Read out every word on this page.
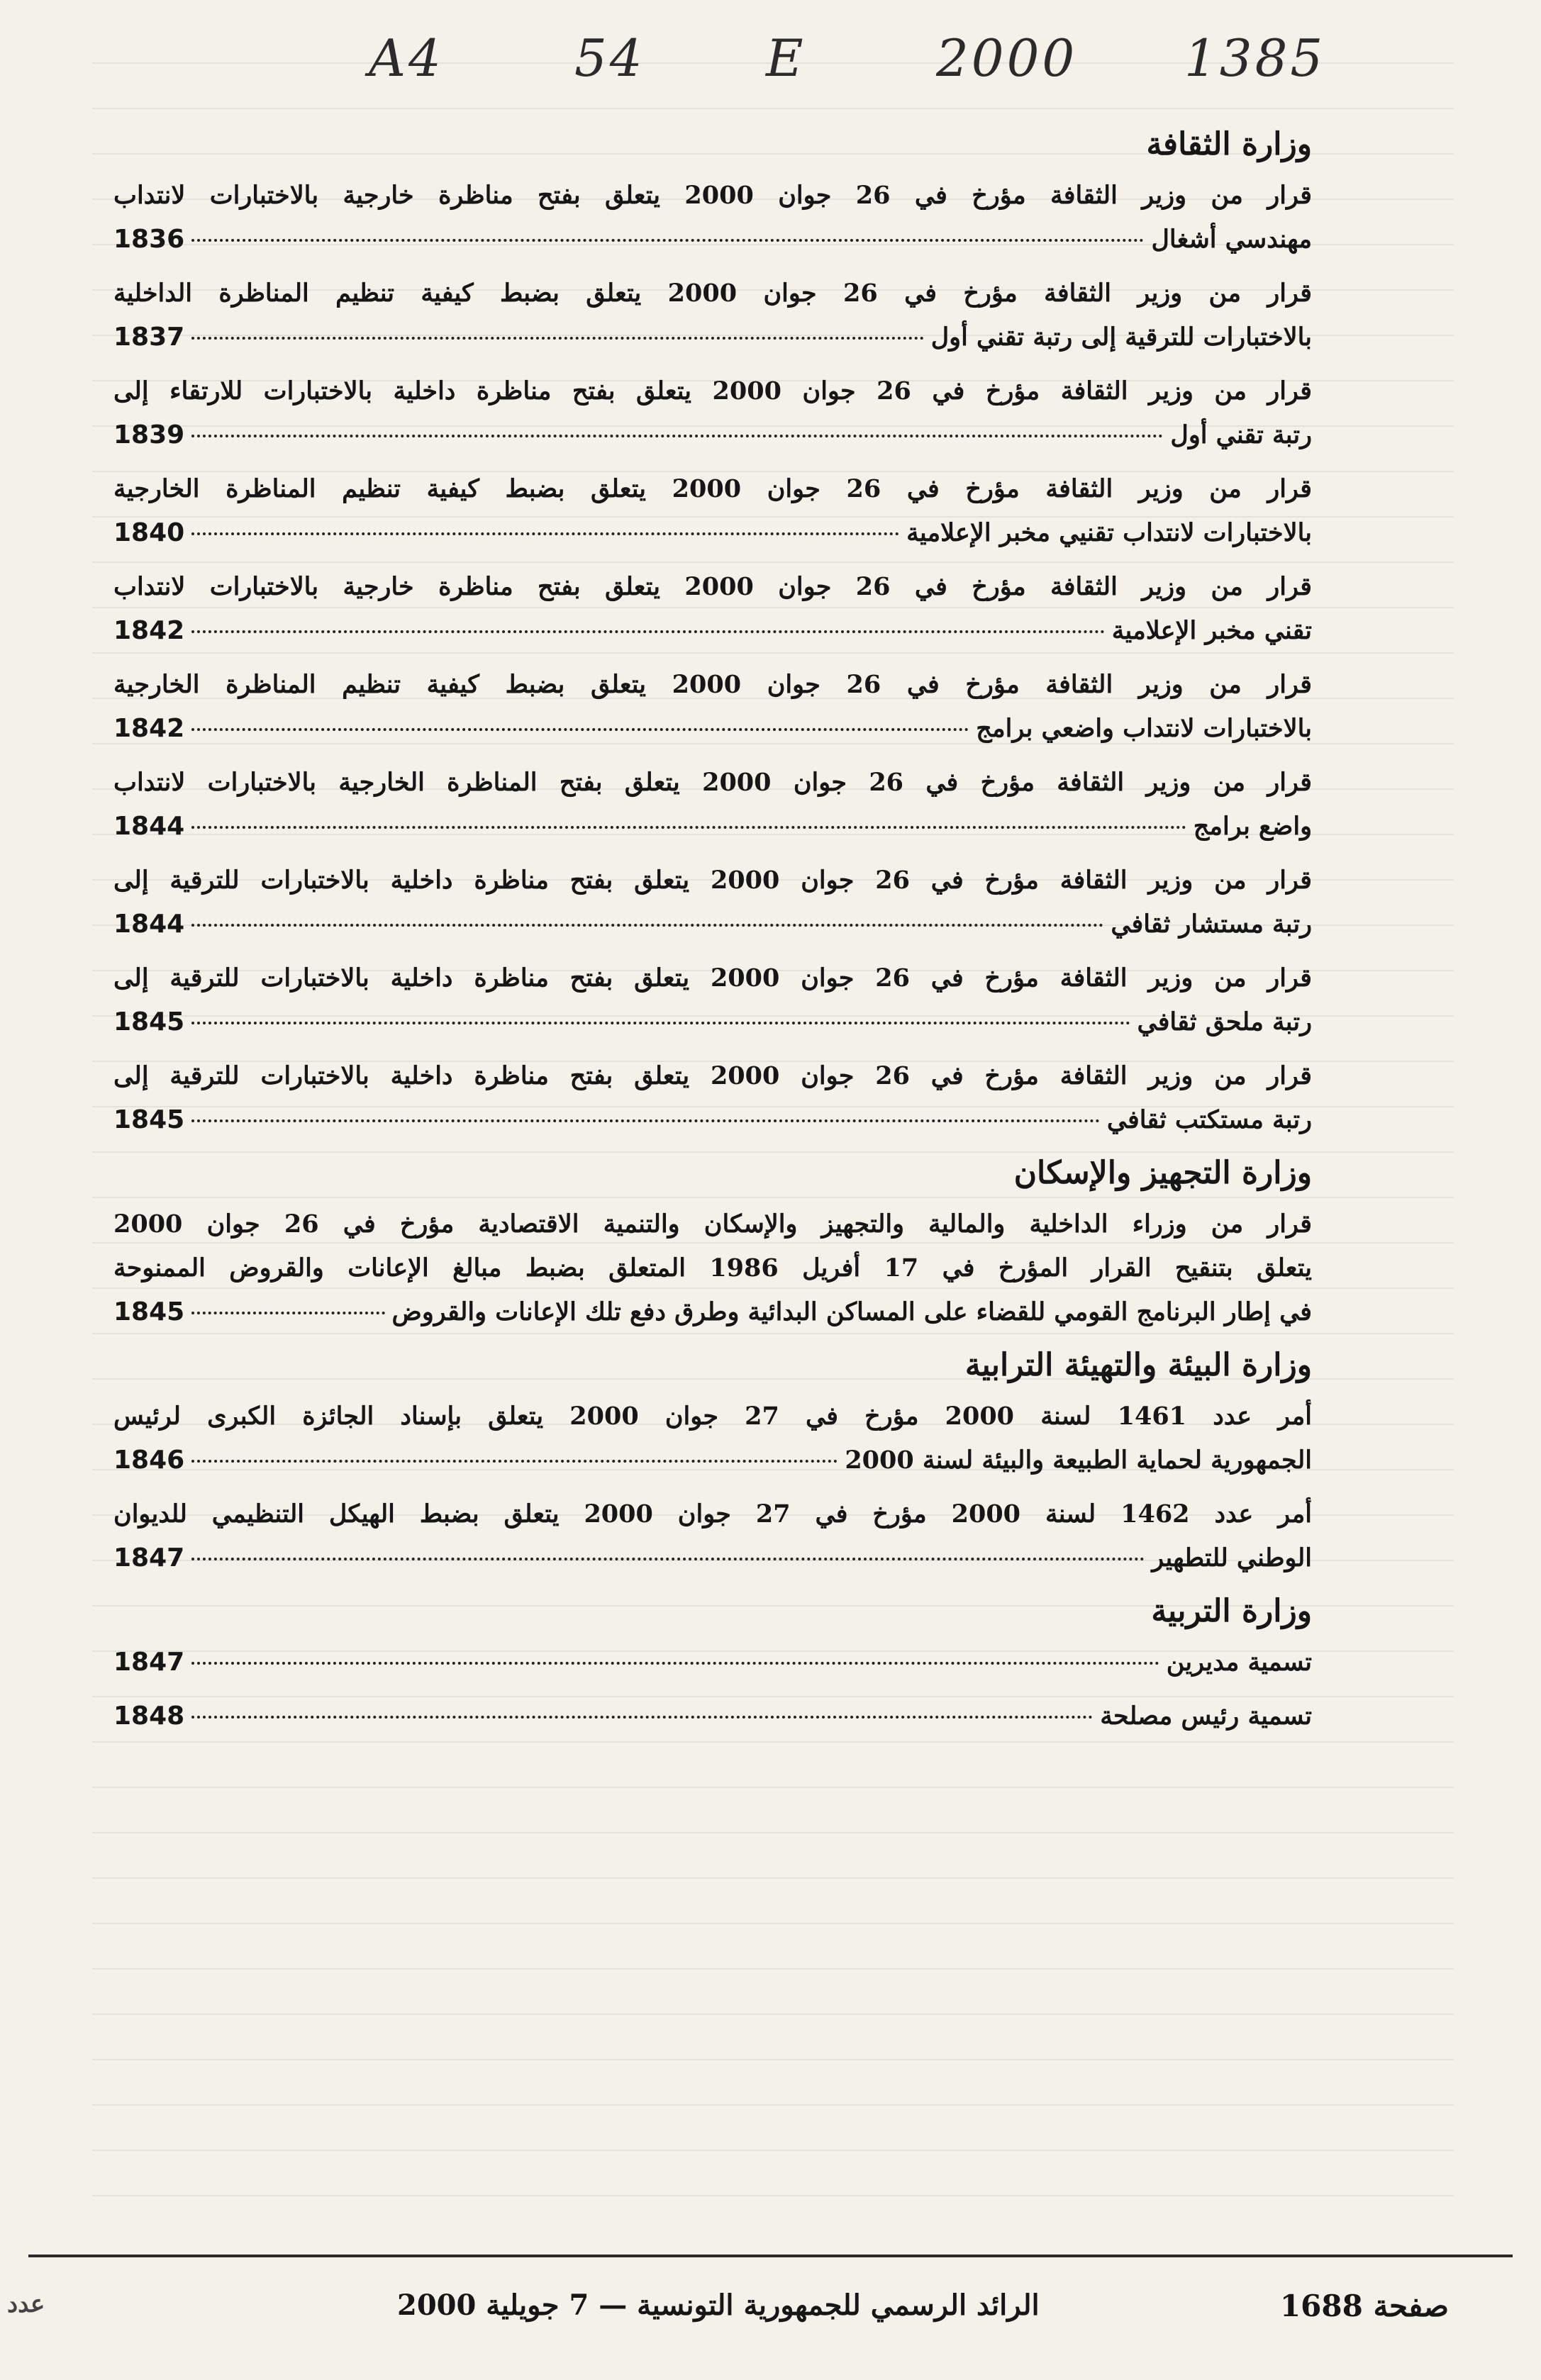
A4	54 E	2000 1385
وزارة الثقافة
قرار من وزير الثقافة مؤرخ في 26 جوان 2000 يتعلق بفتح مناظرة خارجية بالاختبارات لانتداب
مهندسي أشغال
1836
قرار من وزير الثقافة مؤرخ في 26 جوان 2000 يتعلق بضبط كيفية تنظيم المناظرة الداخلية
بالاختبارات للترقية إلى رتبة تقني أول
1837
قرار من وزير الثقافة مؤرخ في 26 جوان 2000 يتعلق بفتح مناظرة داخلية بالاختبارات للارتقاء إلى
رتبة تقني أول
1839
قرار من وزير الثقافة مؤرخ في 26 جوان 2000 يتعلق بضبط كيفية تنظيم المناظرة الخارجية
بالاختبارات لانتداب تقنيي مخبر الإعلامية
1840
قرار من وزير الثقافة مؤرخ في 26 جوان 2000 يتعلق بفتح مناظرة خارجية بالاختبارات لانتداب
تقني مخبر الإعلامية
1842
قرار من وزير الثقافة مؤرخ في 26 جوان 2000 يتعلق بضبط كيفية تنظيم المناظرة الخارجية
بالاختبارات لانتداب واضعي برامج
1842
قرار من وزير الثقافة مؤرخ في 26 جوان 2000 يتعلق بفتح المناظرة الخارجية بالاختبارات لانتداب
واضع برامج
1844
قرار من وزير الثقافة مؤرخ في 26 جوان 2000 يتعلق بفتح مناظرة داخلية بالاختبارات للترقية إلى
رتبة مستشار ثقافي
1844
قرار من وزير الثقافة مؤرخ في 26 جوان 2000 يتعلق بفتح مناظرة داخلية بالاختبارات للترقية إلى
رتبة ملحق ثقافي
1845
قرار من وزير الثقافة مؤرخ في 26 جوان 2000 يتعلق بفتح مناظرة داخلية بالاختبارات للترقية إلى
رتبة مستكتب ثقافي
1845
وزارة التجهيز والإسكان
قرار من وزراء الداخلية والمالية والتجهيز والإسكان والتنمية الاقتصادية مؤرخ في 26 جوان 2000
يتعلق بتنقيح القرار المؤرخ في 17 أفريل 1986 المتعلق بضبط مبالغ الإعانات والقروض الممنوحة
في إطار البرنامج القومي للقضاء على المساكن البدائية وطرق دفع تلك الإعانات والقروض
1845
وزارة البيئة والتهيئة الترابية
أمر عدد 1461 لسنة 2000 مؤرخ في 27 جوان 2000 يتعلق بإسناد الجائزة الكبرى لرئيس
الجمهورية لحماية الطبيعة والبيئة لسنة 2000
1846
أمر عدد 1462 لسنة 2000 مؤرخ في 27 جوان 2000 يتعلق بضبط الهيكل التنظيمي للديوان
الوطني للتطهير
1847
وزارة التربية
تسمية مديرين
1847
تسمية رئيس مصلحة
1848
صفحة 1688
الرائد الرسمي للجمهورية التونسية — 7 جويلية 2000
عدد
